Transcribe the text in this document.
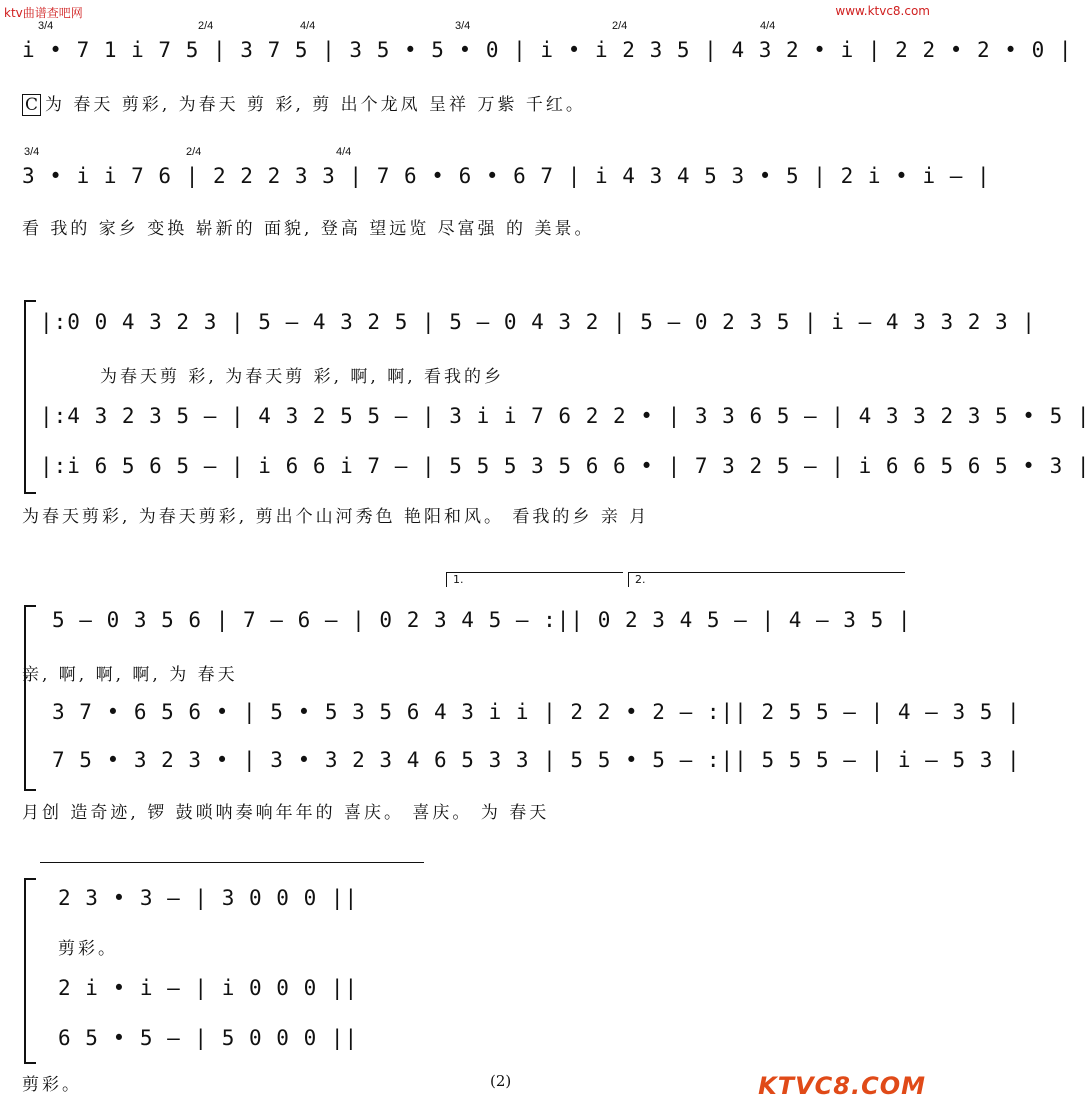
ktv曲谱查吧网	www.ktvc8.com
KTVC8.COM
3/4	2/4	4/4	3/4	2/4	4/4
i • 7 1 i 7 5 | 3 7 5 | 3 5 • 5 • 0 | i • i 2 3 5 | 4 3 2 • i | 2 2 • 2 • 0 |
C 为 春天 剪彩, 为春天 剪 彩, 剪 出个龙凤 呈祥 万紫 千红。
3/4	2/4	4/4
3 • i i 7 6 | 2 2 2 3 3 | 7 6 • 6 • 6 7 | i 4 3 4 5 3 • 5 | 2 i • i — |
看 我的 家乡 变换 崭新的 面貌, 登高 望远览 尽富强 的 美景。
|:0 0 4 3 2 3 | 5 — 4 3 2 5 | 5 — 0 4 3 2 | 5 — 0 2 3 5 | i — 4 3 3 2 3 |
为春天剪 彩, 为春天剪 彩, 啊, 啊, 看我的乡
|:4 3 2 3 5 — | 4 3 2 5 5 — | 3 i i 7 6 2 2 • | 3 3 6 5 — | 4 3 3 2 3 5 • 5 |
|:i 6 5 6 5 — | i 6 6 i 7 — | 5 5 5 3 5 6 6 • | 7 3 2 5 — | i 6 6 5 6 5 • 3 |
为春天剪彩, 为春天剪彩, 剪出个山河秀色 艳阳和风。 看我的乡 亲 月
1.	2.
5 — 0 3 5 6 | 7 — 6 — | 0 2 3 4 5 — :|| 0 2 3 4 5 — | 4 — 3 5 |
亲, 啊, 啊, 啊, 为 春天
3 7 • 6 5 6 • | 5 • 5 3 5 6 4 3 i i | 2 2 • 2 — :|| 2 5 5 — | 4 — 3 5 |
7 5 • 3 2 3 • | 3 • 3 2 3 4 6 5 3 3 | 5 5 • 5 — :|| 5 5 5 — | i — 5 3 |
月创 造奇迹, 锣 鼓唢呐奏响年年的 喜庆。 喜庆。 为 春天
2 3 • 3 — | 3 0 0 0 ||
剪彩。
2 i • i — | i 0 0 0 ||
6 5 • 5 — | 5 0 0 0 ||
剪彩。	(2)
